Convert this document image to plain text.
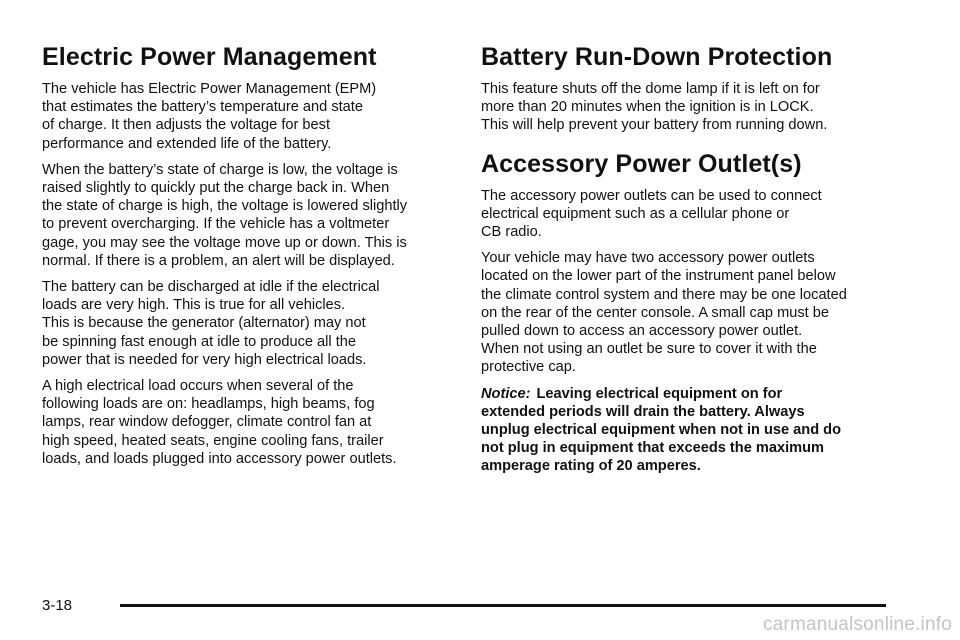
Electric Power Management

The vehicle has Electric Power Management (EPM)
that estimates the battery’s temperature and state
of charge. It then adjusts the voltage for best
performance and extended life of the battery.

When the battery’s state of charge is low, the voltage is
raised slightly to quickly put the charge back in. When
the state of charge is high, the voltage is lowered slightly
to prevent overcharging. If the vehicle has a voltmeter
gage, you may see the voltage move up or down. This is
normal. If there is a problem, an alert will be displayed.

The battery can be discharged at idle if the electrical
loads are very high. This is true for all vehicles.
This is because the generator (alternator) may not
be spinning fast enough at idle to produce all the
power that is needed for very high electrical loads.

A high electrical load occurs when several of the
following loads are on: headlamps, high beams, fog
lamps, rear window defogger, climate control fan at
high speed, heated seats, engine cooling fans, trailer
loads, and loads plugged into accessory power outlets.

Battery Run-Down Protection

This feature shuts off the dome lamp if it is left on for
more than 20 minutes when the ignition is in LOCK.
This will help prevent your battery from running down.

Accessory Power Outlet(s)

The accessory power outlets can be used to connect
electrical equipment such as a cellular phone or
CB radio.

Your vehicle may have two accessory power outlets
located on the lower part of the instrument panel below
the climate control system and there may be one located
on the rear of the center console. A small cap must be
pulled down to access an accessory power outlet.
When not using an outlet be sure to cover it with the
protective cap.

Notice: Leaving electrical equipment on for
extended periods will drain the battery. Always
unplug electrical equipment when not in use and do
not plug in equipment that exceeds the maximum
amperage rating of 20 amperes.

3-18
carmanualsonline.info
